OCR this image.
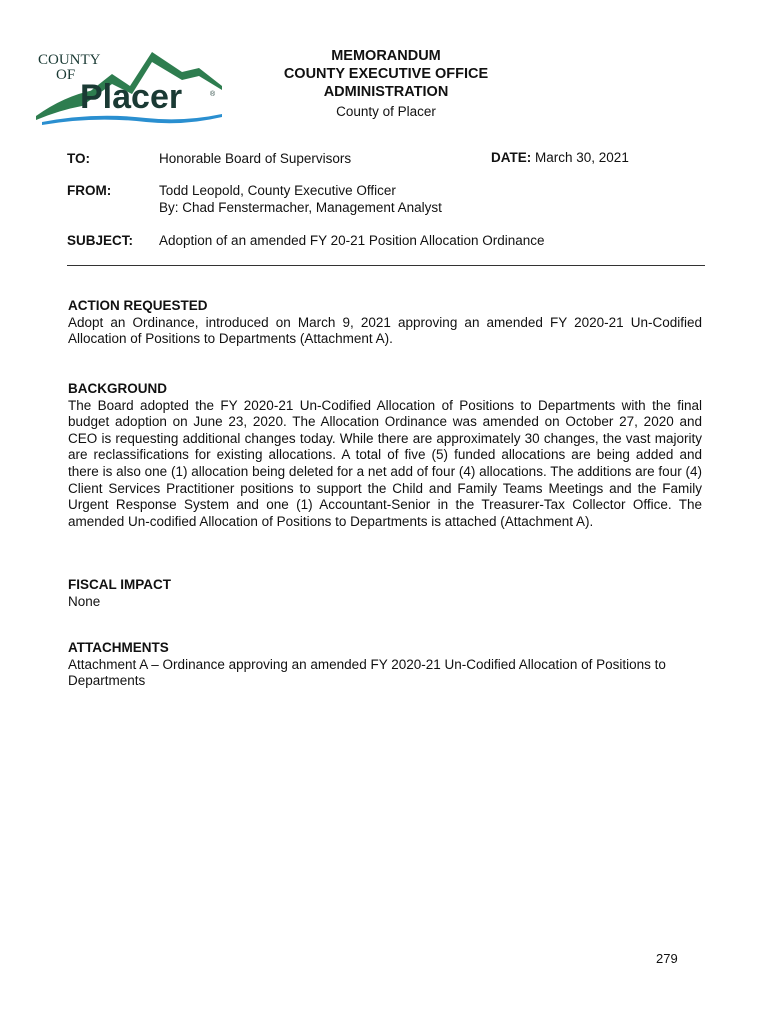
COUNTY
OF
Placer	®
MEMORANDUM
COUNTY EXECUTIVE OFFICE
ADMINISTRATION
County of Placer
TO:	Honorable Board of Supervisors	DATE: March 30, 2021
FROM:	Todd Leopold, County Executive Officer
By: Chad Fenstermacher, Management Analyst
SUBJECT: Adoption of an amended FY 20-21 Position Allocation Ordinance
ACTION REQUESTED
Adopt an Ordinance, introduced on March 9, 2021 approving an amended FY 2020-21 Un-Codified Allocation of Positions to Departments (Attachment A).
BACKGROUND
The Board adopted the FY 2020-21 Un-Codified Allocation of Positions to Departments with the final budget adoption on June 23, 2020. The Allocation Ordinance was amended on October 27, 2020 and CEO is requesting additional changes today. While there are approximately 30 changes, the vast majority are reclassifications for existing allocations. A total of five (5) funded allocations are being added and there is also one (1) allocation being deleted for a net add of four (4) allocations. The additions are four (4) Client Services Practitioner positions to support the Child and Family Teams Meetings and the Family Urgent Response System and one (1) Accountant-Senior in the Treasurer-Tax Collector Office. The amended Un-codified Allocation of Positions to Departments is attached (Attachment A).
FISCAL IMPACT
None
ATTACHMENTS
Attachment A – Ordinance approving an amended FY 2020-21 Un-Codified Allocation of Positions to Departments
279
